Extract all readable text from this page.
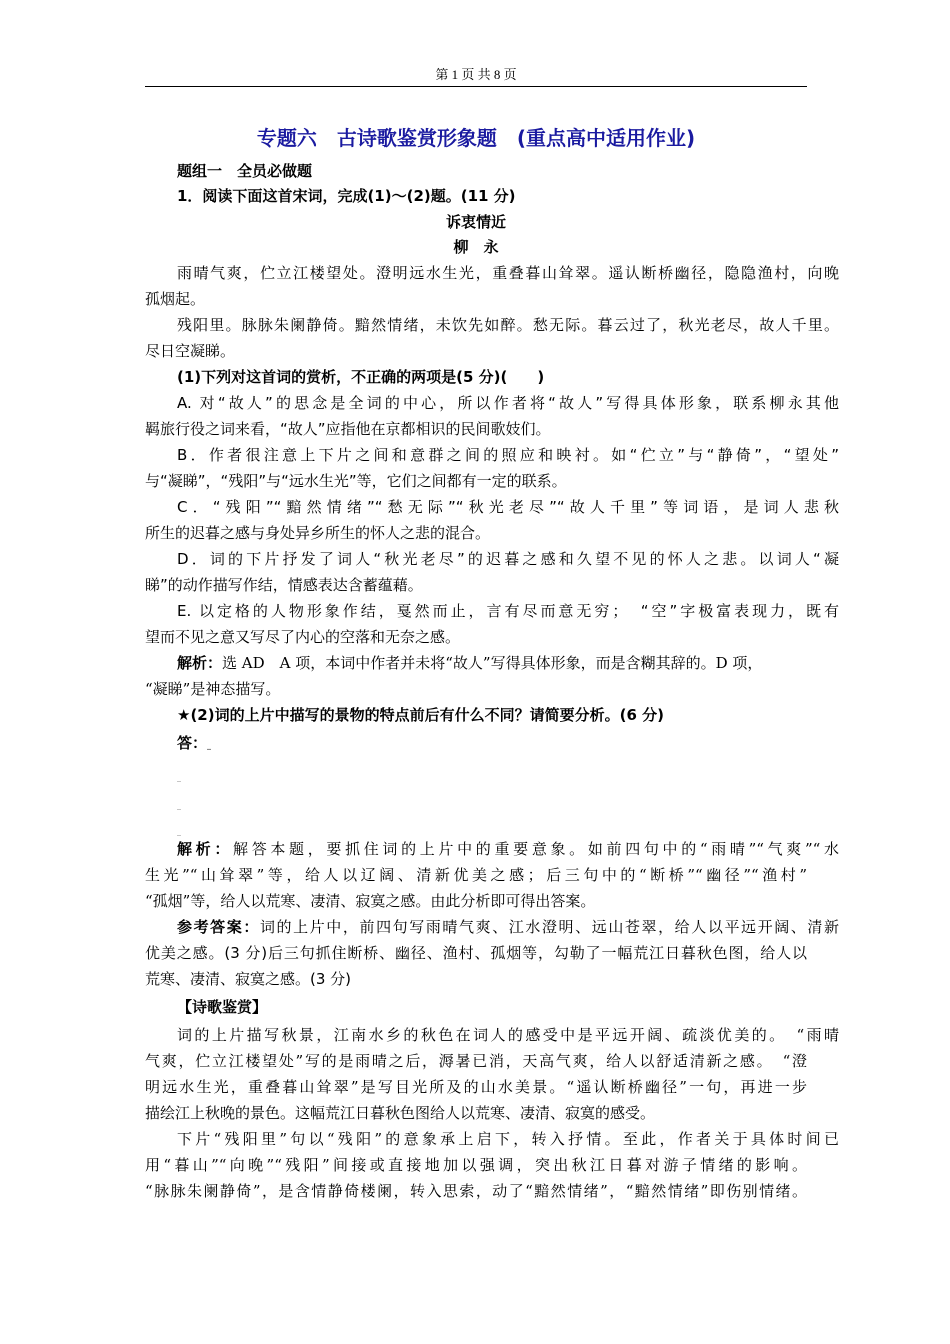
第 1 页 共 8 页
专题六　古诗歌鉴赏形象题　(重点高中适用作业)
题组一　全员必做题
1．阅读下面这首宋词，完成(1)～(2)题。(11 分)
诉衷情近
柳　永
雨晴气爽，伫立江楼望处。澄明远水生光，重叠暮山耸翠。遥认断桥幽径，隐隐渔村，向晚
孤烟起。
残阳里。脉脉朱阑静倚。黯然情绪，未饮先如醉。愁无际。暮云过了，秋光老尽，故人千里。
尽日空凝睇。
(1)下列对这首词的赏析，不正确的两项是(5 分)(　　)
A. 对“故人”的思念是全词的中心，所以作者将“故人”写得具体形象，联系柳永其他
羁旅行役之词来看，“故人”应指他在京都相识的民间歌妓们。
B．作者很注意上下片之间和意群之间的照应和映衬。如“伫立”与“静倚”，“望处”
与“凝睇”，“残阳”与“远水生光”等，它们之间都有一定的联系。
C．“残阳”“黯然情绪”“愁无际”“秋光老尽”“故人千里”等词语，是词人悲秋
所生的迟暮之感与身处异乡所生的怀人之悲的混合。
D．词的下片抒发了词人“秋光老尽”的迟暮之感和久望不见的怀人之悲。以词人“凝
睇”的动作描写作结，情感表达含蓄蕴藉。
E. 以定格的人物形象作结，戛然而止，言有尽而意无穷；　“空”字极富表现力，既有
望而不见之意又写尽了内心的空落和无奈之感。
解析：选 AD　A 项，本词中作者并未将“故人”写得具体形象，而是含糊其辞的。D 项，
“凝睇”是神态描写。
★(2)词的上片中描写的景物的特点前后有什么不同？请简要分析。(6 分)
答：_
_
_
_
解析：解答本题，要抓住词的上片中的重要意象。如前四句中的“雨晴”“气爽”“水
生光”“山耸翠”等，给人以辽阔、清新优美之感；后三句中的“断桥”“幽径”“渔村”
“孤烟”等，给人以荒寒、凄清、寂寞之感。由此分析即可得出答案。
参考答案：词的上片中，前四句写雨晴气爽、江水澄明、远山苍翠，给人以平远开阔、清新
优美之感。(3 分)后三句抓住断桥、幽径、渔村、孤烟等，勾勒了一幅荒江日暮秋色图，给人以
荒寒、凄清、寂寞之感。(3 分)
【诗歌鉴赏】
词的上片描写秋景，江南水乡的秋色在词人的感受中是平远开阔、疏淡优美的。　“雨晴
气爽，伫立江楼望处”写的是雨晴之后，溽暑已消，天高气爽，给人以舒适清新之感。　“澄
明远水生光，重叠暮山耸翠”是写目光所及的山水美景。“遥认断桥幽径”一句，再进一步
描绘江上秋晚的景色。这幅荒江日暮秋色图给人以荒寒、凄清、寂寞的感受。
下片“残阳里”句以“残阳”的意象承上启下，转入抒情。至此，作者关于具体时间已
用“暮山”“向晚”“残阳”间接或直接地加以强调，突出秋江日暮对游子情绪的影响。
“脉脉朱阑静倚”，是含情静倚楼阑，转入思索，动了“黯然情绪”，“黯然情绪”即伤别情绪。
